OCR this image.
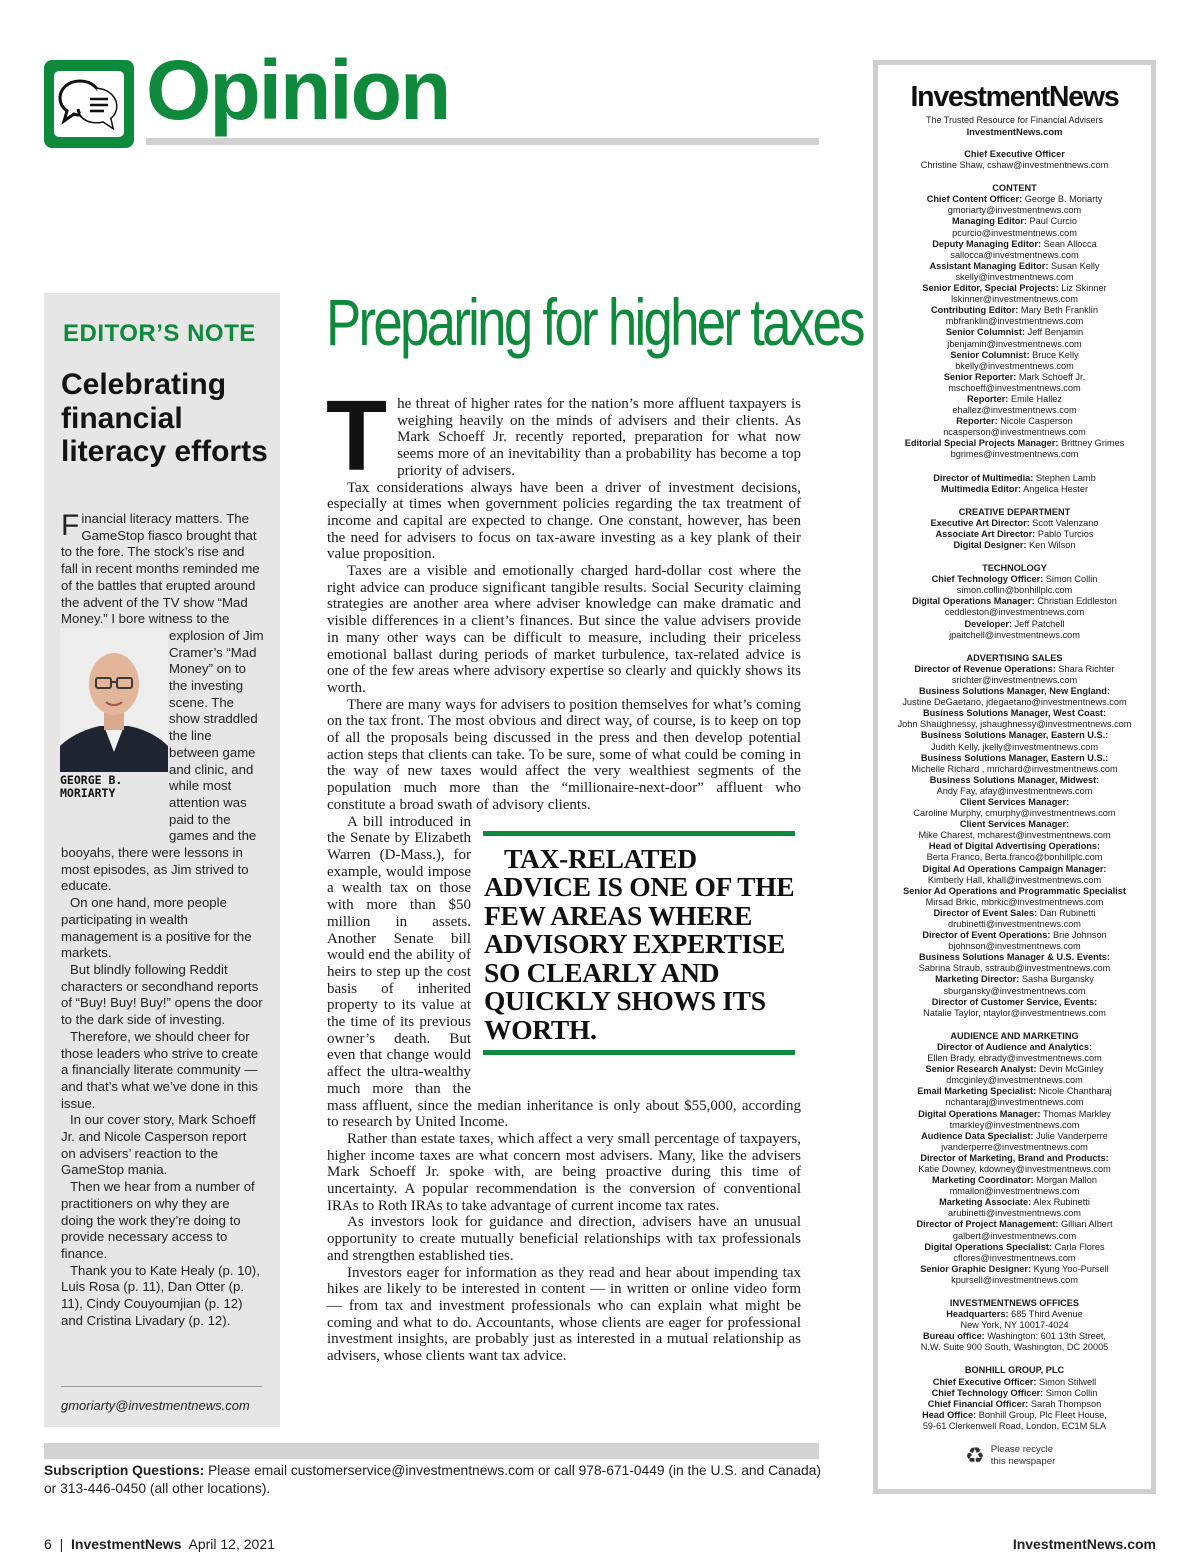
Opinion
EDITOR’S NOTE
Celebrating financial literacy efforts

Financial literacy matters. The GameStop fiasco brought that to the fore. The stock’s rise and fall in recent months reminded me of the battles that erupted around the advent of the TV show “Mad Money.” I bore witness to the
GEORGE B. MORIARTY
explosion of Jim Cramer’s “Mad Money” on to the investing scene. The show straddled the line between game and clinic, and while most attention was paid to the games and the booyahs, there were lessons in most episodes, as Jim strived to educate.

On one hand, more people participating in wealth management is a positive for the markets.

But blindly following Reddit characters or secondhand reports of “Buy! Buy! Buy!” opens the door to the dark side of investing.

Therefore, we should cheer for those leaders who strive to create a financially literate community — and that’s what we’ve done in this issue.

In our cover story, Mark Schoeff Jr. and Nicole Casperson report on advisers’ reaction to the GameStop mania.

Then we hear from a number of practitioners on why they are doing the work they’re doing to provide necessary access to finance.

Thank you to Kate Healy (p. 10), Luis Rosa (p. 11), Dan Otter (p. 11), Cindy Couyoumjian (p. 12) and Cristina Livadary (p. 12).

gmoriarty@investmentnews.com
Preparing for higher taxes

The threat of higher rates for the nation’s more affluent taxpayers is weighing heavily on the minds of advisers and their clients. As Mark Schoeff Jr. recently reported, preparation for what now seems more of an inevitability than a probability has become a top priority of advisers.

Tax considerations always have been a driver of investment decisions, especially at times when government policies regarding the tax treatment of income and capital are expected to change. One constant, however, has been the need for advisers to focus on tax-aware investing as a key plank of their value proposition.

Taxes are a visible and emotionally charged hard-dollar cost where the right advice can produce significant tangible results. Social Security claiming strategies are another area where adviser knowledge can make dramatic and visible differences in a client’s finances. But since the value advisers provide in many other ways can be difficult to measure, including their priceless emotional ballast during periods of market turbulence, tax-related advice is one of the few areas where advisory expertise so clearly and quickly shows its worth.

There are many ways for advisers to position themselves for what’s coming on the tax front. The most obvious and direct way, of course, is to keep on top of all the proposals being discussed in the press and then develop potential action steps that clients can take. To be sure, some of what could be coming in the way of new taxes would affect the very wealthiest segments of the population much more than the “millionaire-next-door” affluent who constitute a broad swath of advisory clients.

TAX-RELATED ADVICE IS ONE OF THE FEW AREAS WHERE ADVISORY EXPERTISE SO CLEARLY AND QUICKLY SHOWS ITS WORTH.
A bill introduced in the Senate by Elizabeth Warren (D-Mass.), for example, would impose a wealth tax on those with more than $50 million in assets. Another Senate bill would end the ability of heirs to step up the cost basis of inherited property to its value at the time of its previous owner’s death. But even that change would affect the ultra-wealthy much more than the mass affluent, since the median inheritance is only about $55,000, according to research by United Income.

Rather than estate taxes, which affect a very small percentage of taxpayers, higher income taxes are what concern most advisers. Many, like the advisers Mark Schoeff Jr. spoke with, are being proactive during this time of uncertainty. A popular recommendation is the conversion of conventional IRAs to Roth IRAs to take advantage of current income tax rates.

As investors look for guidance and direction, advisers have an unusual opportunity to create mutually beneficial relationships with tax professionals and strengthen established ties.

Investors eager for information as they read and hear about impending tax hikes are likely to be interested in content — in written or online video form — from tax and investment professionals who can explain what might be coming and what to do. Accountants, whose clients are eager for professional investment insights, are probably just as interested in a mutual relationship as advisers, whose clients want tax advice.

InvestmentNews
The Trusted Resource for Financial Advisers
InvestmentNews.com
Chief Executive Officer
Christine Shaw, cshaw@investmentnews.com
CONTENT
Chief Content Officer: George B. Moriarty
gmoriarty@investmentnews.com
Managing Editor: Paul Curcio
pcurcio@investmentnews.com
Deputy Managing Editor: Sean Allocca
sallocca@investmentnews.com
Assistant Managing Editor: Susan Kelly
skelly@investmentnews.com
Senior Editor, Special Projects: Liz Skinner
lskinner@investmentnews.com
Contributing Editor: Mary Beth Franklin
mbfranklin@investmentnews.com
Senior Columnist: Jeff Benjamin
jbenjamin@investmentnews.com
Senior Columnist: Bruce Kelly
bkelly@investmentnews.com
Senior Reporter: Mark Schoeff Jr.
mschoeff@investmentnews.com
Reporter: Emile Hallez
ehallez@investmentnews.com
Reporter: Nicole Casperson
ncasperson@investmentnews.com
Editorial Special Projects Manager: Brittney Grimes
bgrimes@investmentnews.com
Director of Multimedia: Stephen Lamb
Multimedia Editor: Angelica Hester
CREATIVE DEPARTMENT
Executive Art Director: Scott Valenzano
Associate Art Director: Pablo Turcios
Digital Designer: Ken Wilson
TECHNOLOGY
Chief Technology Officer: Simon Collin
simon.collin@bonhillplc.com
Digital Operations Manager: Christian Eddleston
ceddleston@investmentnews.com
Developer: Jeff Patchell
jpaitchell@investmentnews.com
ADVERTISING SALES
Director of Revenue Operations: Shara Richter
srichter@investmentnews.com
Business Solutions Manager, New England:
Justine DeGaetano, jdegaetano@investmentnews.com
Business Solutions Manager, West Coast:
John Shaughnessy, jshaughnessy@investmentnews.com
Business Solutions Manager, Eastern U.S.:
Judith Kelly, jkelly@investmentnews.com
Business Solutions Manager, Eastern U.S.:
Michelle Richard , mrichard@investmentnews.com
Business Solutions Manager, Midwest:
Andy Fay, afay@investmentnews.com
Client Services Manager:
Caroline Murphy, cmurphy@investmentnews.com
Client Services Manager:
Mike Charest, mcharest@investmentnews.com
Head of Digital Advertising Operations:
Berta Franco, Berta.franco@bonhillplc.com
Digital Ad Operations Campaign Manager:
Kimberly Hall, khall@investmentnews.com
Senior Ad Operations and Programmatic Specialist
Mirsad Brkic, mbrkic@investmentnews.com
Director of Event Sales: Dan Rubinetti
drubinetti@investmentnews.com
Director of Event Operations: Brie Johnson
bjohnson@investmentnews.com
Business Solutions Manager & U.S. Events:
Sabrina Straub, sstraub@investmentnews.com
Marketing Director: Sasha Burgansky
sburgansky@investmentnews.com
Director of Customer Service, Events:
Natalie Taylor, ntaylor@investmentnews.com
AUDIENCE AND MARKETING
Director of Audience and Analytics:
Ellen Brady, ebrady@investmentnews.com
Senior Research Analyst: Devin McGinley
dmcginley@investmentnews.com
Email Marketing Specialist: Nicole Chantharaj
nchantaraj@investmentnews.com
Digital Operations Manager: Thomas Markley
tmarkley@investmentnews.com
Audience Data Specialist: Julie Vanderperre
jvanderperre@investmentnews.com
Director of Marketing, Brand and Products:
Katie Downey, kdowney@investmentnews.com
Marketing Coordinator: Morgan Mallon
mmallon@investmentnews.com
Marketing Associate: Alex Rubinetti
arubinetti@investmentnews.com
Director of Project Management: Gillian Albert
galbert@investmentnews.com
Digital Operations Specialist: Carla Flores
cflores@investmentnews.com
Senior Graphic Designer: Kyung Yoo-Pursell
kpursell@investmentnews.com
INVESTMENTNEWS OFFICES
Headquarters: 685 Third Avenue
New York, NY 10017-4024
Bureau office: Washington: 601 13th Street,
N.W. Suite 900 South, Washington, DC 20005
BONHILL GROUP, PLC
Chief Executive Officer: Simon Stilwell
Chief Technology Officer: Simon Collin
Chief Financial Officer: Sarah Thompson
Head Office: Bonhill Group, Plc Fleet House,
59-61 Clerkenwell Road, London, EC1M 5LA
♻ Please recycle
this newspaper
Subscription Questions: Please email customerservice@investmentnews.com or call 978-671-0449 (in the U.S. and Canada) or 313-446-0450 (all other locations).
6  |  InvestmentNews April 12, 2021	InvestmentNews.com
